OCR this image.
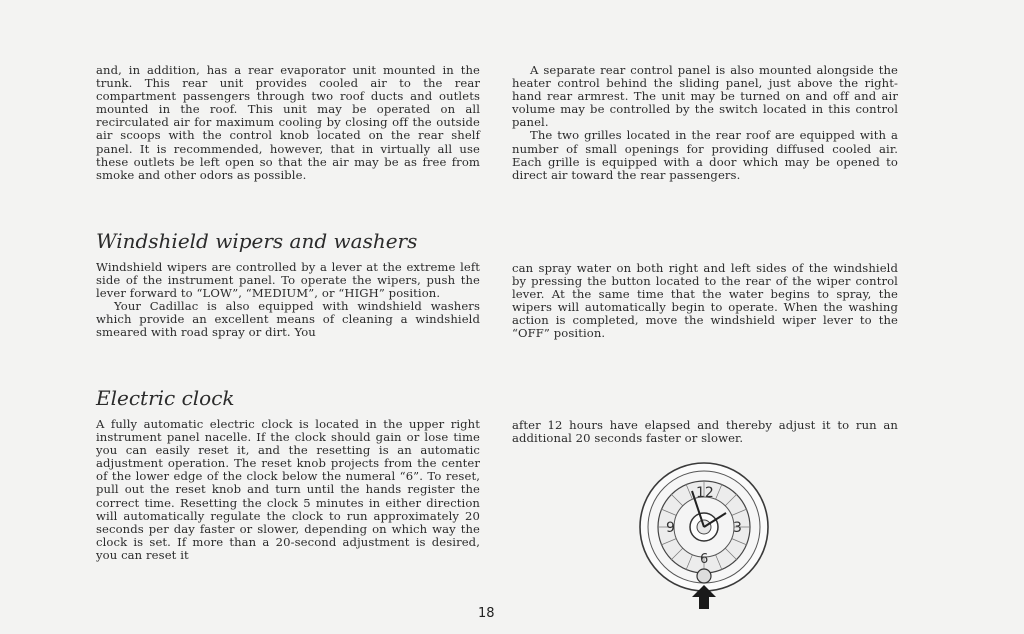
and, in addition, has a rear evaporator unit mounted in the trunk. This rear unit provides cooled air to the rear compartment passengers through two roof ducts and outlets mounted in the roof. This unit may be operated on all recirculated air for maximum cooling by closing off the outside air scoops with the control knob located on the rear shelf panel. It is recommended, however, that in virtually all use these outlets be left open so that the air may be as free from smoke and other odors as possible.

A separate rear control panel is also mounted alongside the heater control behind the sliding panel, just above the right-hand rear armrest. The unit may be turned on and off and air volume may be controlled by the switch located in this control panel.

The two grilles located in the rear roof are equipped with a number of small openings for providing diffused cooled air. Each grille is equipped with a door which may be opened to direct air toward the rear passengers.

Windshield wipers and washers

Windshield wipers are controlled by a lever at the extreme left side of the instrument panel. To operate the wipers, push the lever forward to “LOW”, “MEDIUM”, or “HIGH” position.

Your Cadillac is also equipped with windshield washers which provide an excellent means of cleaning a windshield smeared with road spray or dirt. You

can spray water on both right and left sides of the windshield by pressing the button located to the rear of the wiper control lever. At the same time that the water begins to spray, the wipers will automatically begin to operate. When the washing action is completed, move the windshield wiper lever to the “OFF” position.

Electric clock

A fully automatic electric clock is located in the upper right instrument panel nacelle. If the clock should gain or lose time you can easily reset it, and the resetting is an automatic adjustment operation. The reset knob projects from the center of the lower edge of the clock below the numeral “6”. To reset, pull out the reset knob and turn until the hands register the correct time. Resetting the clock 5 minutes in either direction will automatically regulate the clock to run approximately 20 seconds per day faster or slower, depending on which way the clock is set. If more than a 20-second adjustment is desired, you can reset it

after 12 hours have elapsed and thereby adjust it to run an additional 20 seconds faster or slower.

12
9	3
6
18
